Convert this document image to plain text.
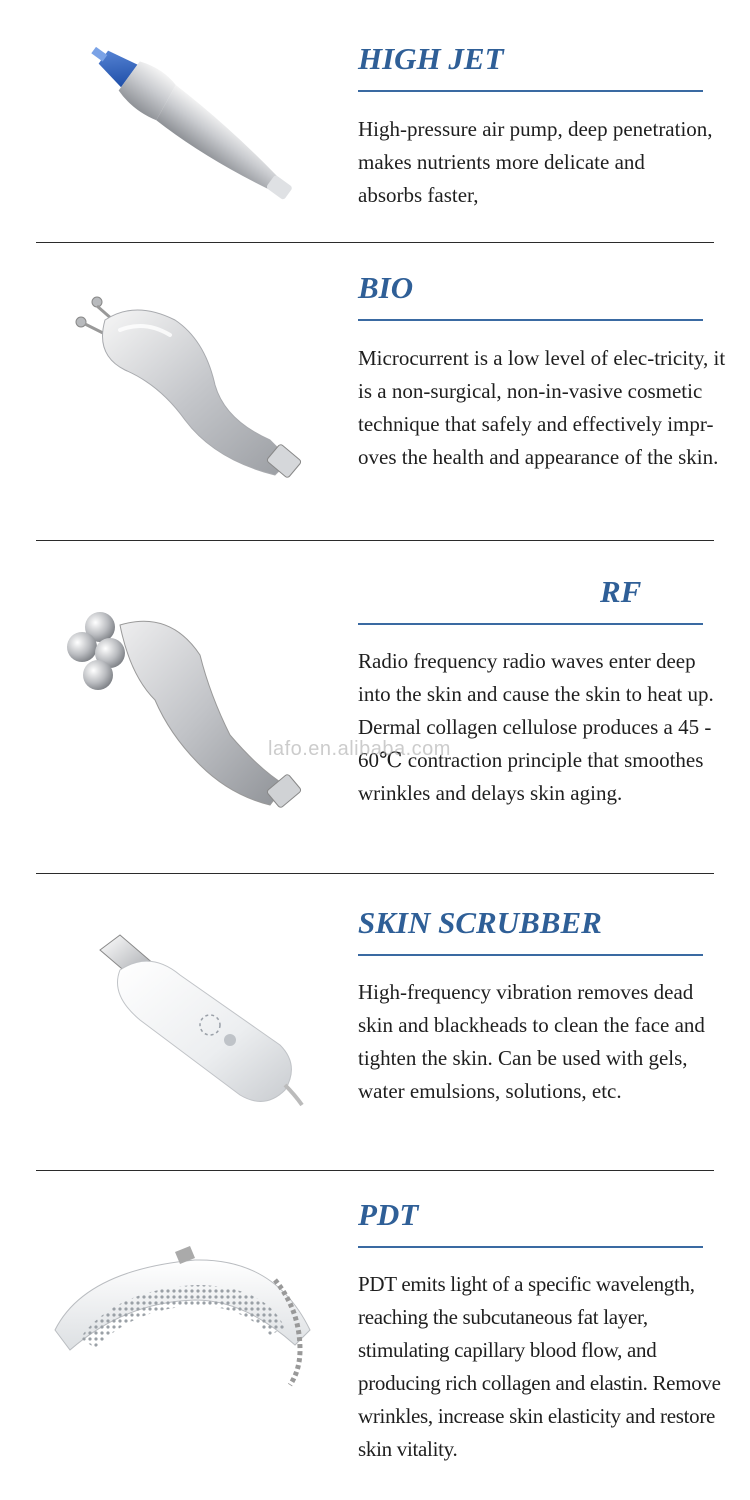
HIGH JET
High-pressure air pump, deep penetration, makes nutrients more delicate and absorbs faster,
BIO
Microcurrent is a low level of elec-tricity, it is a non-surgical, non-in-vasive cosmetic technique that safely and effectively impr-oves the health and appearance of the skin.
RF
Radio frequency radio waves enter deep into the skin and cause the skin to heat up. Dermal collagen cellulose produces a 45 - 60℃ contraction principle that smoothes wrinkles and delays skin aging.
lafo.en.alibaba.com
SKIN SCRUBBER
High-frequency vibration removes dead skin and blackheads to clean the face and tighten the skin. Can be used with gels, water emulsions, solutions, etc.
PDT
PDT emits light of a specific wavelength, reaching the subcutaneous fat layer, stimulating capillary blood flow, and producing rich collagen and elastin. Remove wrinkles, increase skin elasticity and restore skin vitality.
